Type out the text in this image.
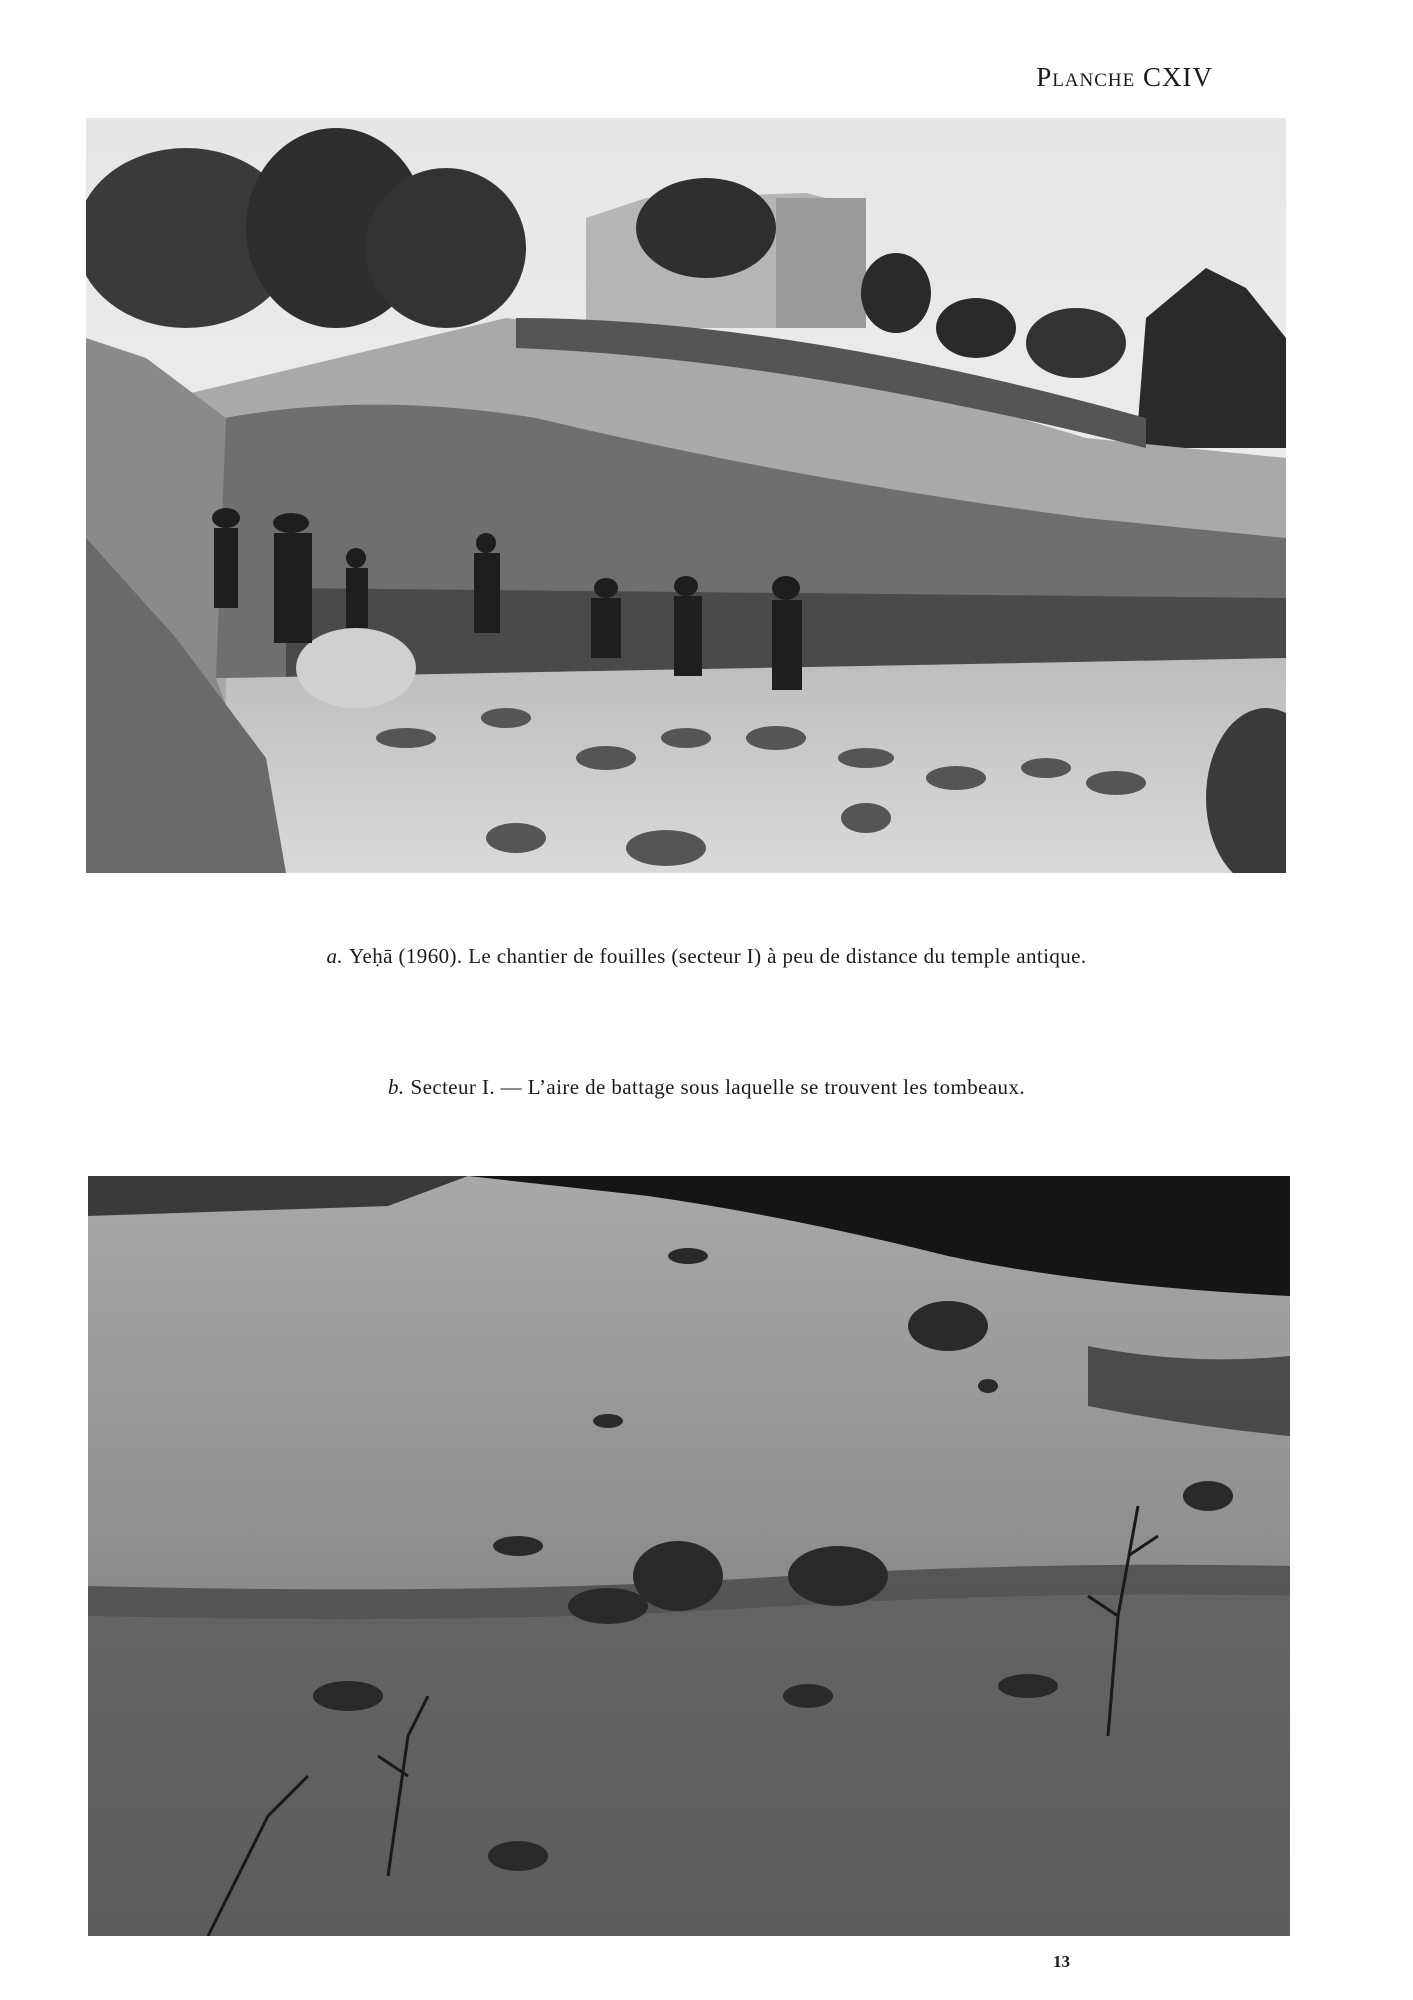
Planche CXIV
a. Yeḥā (1960). Le chantier de fouilles (secteur I) à peu de distance du temple antique.
b. Secteur I. — L’aire de battage sous laquelle se trouvent les tombeaux.
13
